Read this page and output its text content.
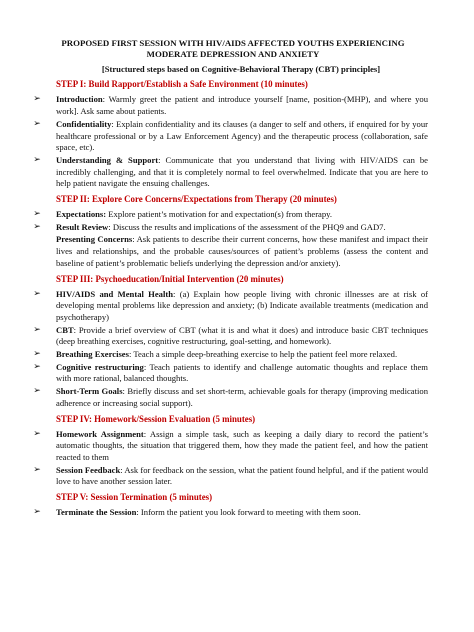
PROPOSED FIRST SESSION WITH HIV/AIDS AFFECTED YOUTHS EXPERIENCING MODERATE DEPRESSION AND ANXIETY
[Structured steps based on Cognitive-Behavioral Therapy (CBT) principles]
STEP I: Build Rapport/Establish a Safe Environment (10 minutes)
➢	Introduction: Warmly greet the patient and introduce yourself [name, position-(MHP), and where you work]. Ask same about patients.
➢	Confidentiality: Explain confidentiality and its clauses (a danger to self and others, if enquired for by your healthcare professional or by a Law Enforcement Agency) and the therapeutic process (collaboration, safe space, etc).
➢	Understanding & Support: Communicate that you understand that living with HIV/AIDS can be incredibly challenging, and that it is completely normal to feel overwhelmed. Indicate that you are here to help patient navigate the ensuing challenges.
STEP II: Explore Core Concerns/Expectations from Therapy (20 minutes)
➢	Expectations: Explore patient’s motivation for and expectation(s) from therapy.
➢	Result Review: Discuss the results and implications of the assessment of the PHQ9 and GAD7.
Presenting Concerns: Ask patients to describe their current concerns, how these manifest and impact their lives and relationships, and the probable causes/sources of patient’s problems (assess the content and baseline of patient’s problematic beliefs underlying the depression and/or anxiety).
STEP III: Psychoeducation/Initial Intervention (20 minutes)
➢	HIV/AIDS and Mental Health: (a) Explain how people living with chronic illnesses are at risk of developing mental problems like depression and anxiety; (b) Indicate available treatments (medication and psychotherapy)
➢	CBT: Provide a brief overview of CBT (what it is and what it does) and introduce basic CBT techniques (deep breathing exercises, cognitive restructuring, goal-setting, and homework).
➢	Breathing Exercises: Teach a simple deep-breathing exercise to help the patient feel more relaxed.
➢	Cognitive restructuring: Teach patients to identify and challenge automatic thoughts and replace them with more rational, balanced thoughts.
➢	Short-Term Goals: Briefly discuss and set short-term, achievable goals for therapy (improving medication adherence or increasing social support).
STEP IV: Homework/Session Evaluation (5 minutes)
➢	Homework Assignment: Assign a simple task, such as keeping a daily diary to record the patient’s automatic thoughts, the situation that triggered them, how they made the patient feel, and how the patient reacted to them
➢	Session Feedback: Ask for feedback on the session, what the patient found helpful, and if the patient would love to have another session later.
STEP V: Session Termination (5 minutes)
➢	Terminate the Session: Inform the patient you look forward to meeting with them soon.
